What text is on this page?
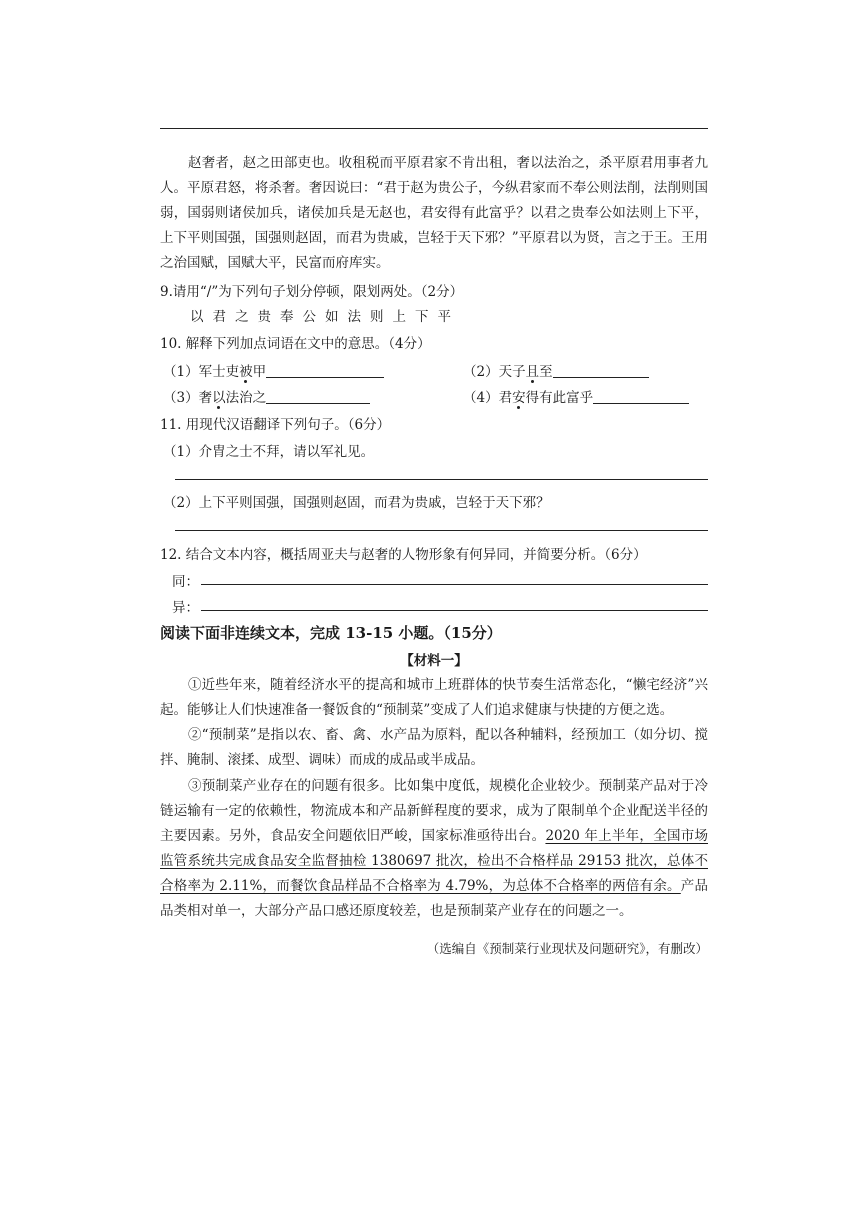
赵奢者，赵之田部吏也。收租税而平原君家不肯出租，奢以法治之，杀平原君用事者九人。平原君怒，将杀奢。奢因说曰：“君于赵为贵公子，今纵君家而不奉公则法削，法削则国弱，国弱则诸侯加兵，诸侯加兵是无赵也，君安得有此富乎？以君之贵奉公如法则上下平，上下平则国强，国强则赵固，而君为贵戚，岂轻于天下邪？”平原君以为贤，言之于王。王用之治国赋，国赋大平，民富而府库实。
9.请用“/”为下列句子划分停顿，限划两处。（2分）
以君之贵奉公如法则上下平
10. 解释下列加点词语在文中的意思。（4分）
（1）军士吏被甲	（2）天子且至
（3）奢以法治之	（4）君安得有此富乎
11. 用现代汉语翻译下列句子。（6分）
（1）介胄之士不拜，请以军礼见。
（2）上下平则国强，国强则赵固，而君为贵戚，岂轻于天下邪？
12. 结合文本内容，概括周亚夫与赵奢的人物形象有何异同，并简要分析。（6分）
同：
异：
阅读下面非连续文本，完成 13-15 小题。（15分）
【材料一】
①近些年来，随着经济水平的提高和城市上班群体的快节奏生活常态化，“懒宅经济”兴起。能够让人们快速准备一餐饭食的“预制菜”变成了人们追求健康与快捷的方便之选。
②“预制菜”是指以农、畜、禽、水产品为原料，配以各种辅料，经预加工（如分切、搅拌、腌制、滚揉、成型、调味）而成的成品或半成品。
③预制菜产业存在的问题有很多。比如集中度低，规模化企业较少。预制菜产品对于冷链运输有一定的依赖性，物流成本和产品新鲜程度的要求，成为了限制单个企业配送半径的主要因素。另外，食品安全问题依旧严峻，国家标准亟待出台。2020 年上半年，全国市场监管系统共完成食品安全监督抽检 1380697 批次，检出不合格样品 29153 批次，总体不合格率为 2.11%，而餐饮食品样品不合格率为 4.79%，为总体不合格率的两倍有余。产品品类相对单一，大部分产品口感还原度较差，也是预制菜产业存在的问题之一。
（选编自《预制菜行业现状及问题研究》，有删改）
